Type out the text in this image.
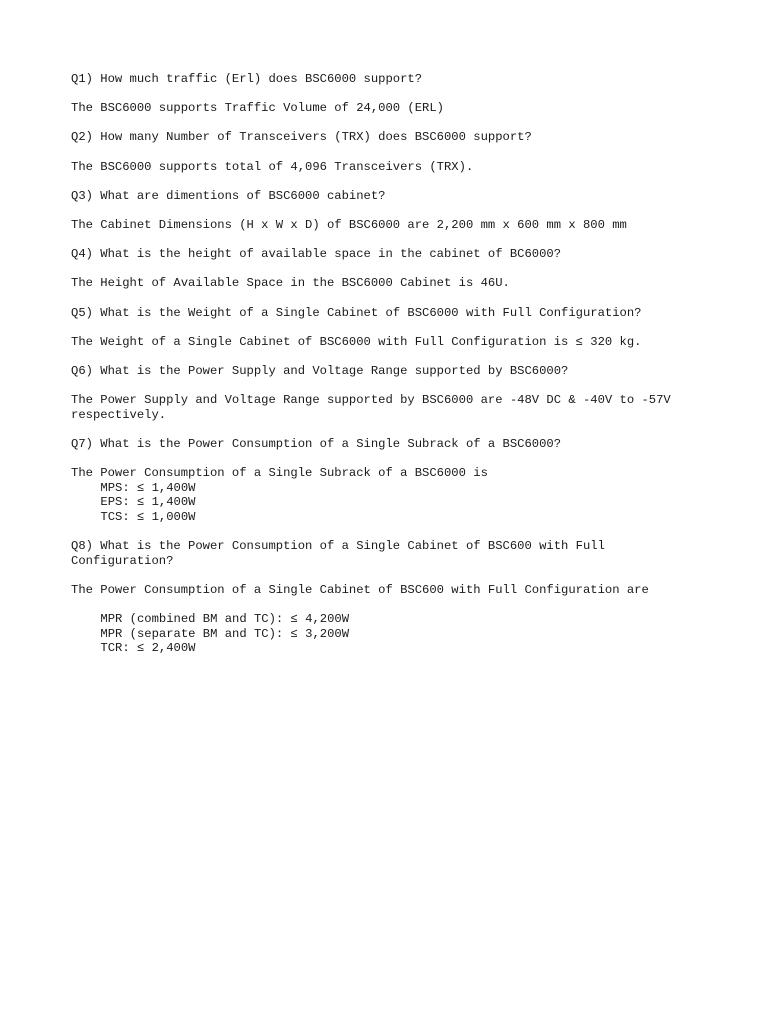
Q1) How much traffic (Erl) does BSC6000 support?

The BSC6000 supports Traffic Volume of 24,000 (ERL)

Q2) How many Number of Transceivers (TRX) does BSC6000 support?

The BSC6000 supports total of 4,096 Transceivers (TRX).

Q3) What are dimentions of BSC6000 cabinet?

The Cabinet Dimensions (H x W x D) of BSC6000 are 2,200 mm x 600 mm x 800 mm

Q4) What is the height of available space in the cabinet of BC6000?

The Height of Available Space in the BSC6000 Cabinet is 46U.

Q5) What is the Weight of a Single Cabinet of BSC6000 with Full Configuration?

The Weight of a Single Cabinet of BSC6000 with Full Configuration is ≤ 320 kg.

Q6) What is the Power Supply and Voltage Range supported by BSC6000?

The Power Supply and Voltage Range supported by BSC6000 are -48V DC & -40V to -57V respectively.

Q7) What is the Power Consumption of a Single Subrack of a BSC6000?

The Power Consumption of a Single Subrack of a BSC6000 is

MPS: ≤ 1,400W
EPS: ≤ 1,400W
TCS: ≤ 1,000W

Q8) What is the Power Consumption of a Single Cabinet of BSC600 with Full Configuration?

The Power Consumption of a Single Cabinet of BSC600 with Full Configuration are

MPR (combined BM and TC): ≤ 4,200W
MPR (separate BM and TC): ≤ 3,200W
TCR: ≤ 2,400W
